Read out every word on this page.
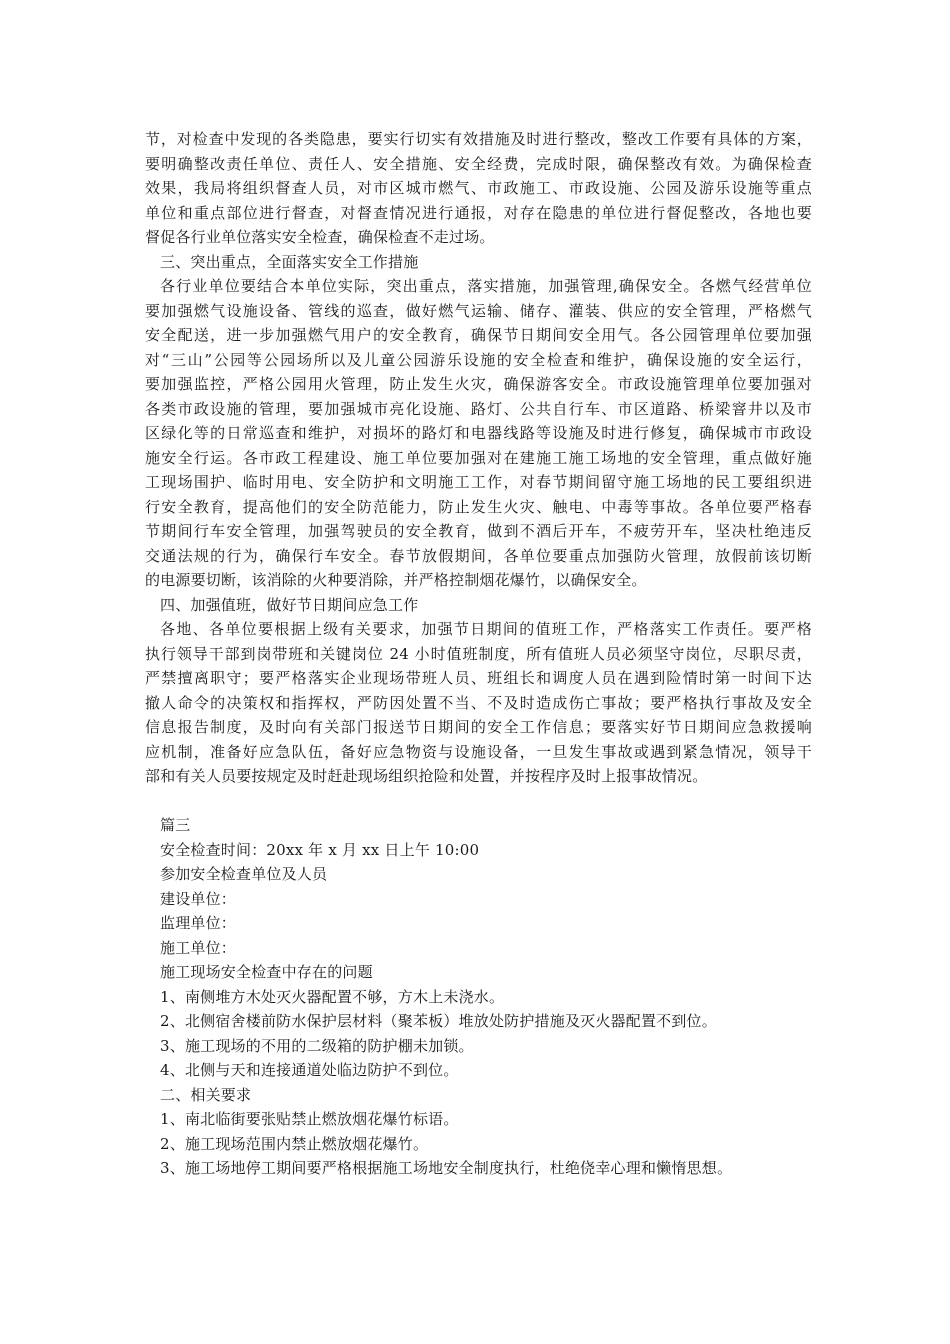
节，对检查中发现的各类隐患，要实行切实有效措施及时进行整改，整改工作要有具体的方案，
要明确整改责任单位、责任人、安全措施、安全经费，完成时限，确保整改有效。为确保检查
效果，我局将组织督查人员，对市区城市燃气、市政施工、市政设施、公园及游乐设施等重点
单位和重点部位进行督查，对督查情况进行通报，对存在隐患的单位进行督促整改，各地也要
督促各行业单位落实安全检查，确保检查不走过场。
三、突出重点，全面落实安全工作措施
各行业单位要结合本单位实际，突出重点，落实措施，加强管理,确保安全。各燃气经营单位
要加强燃气设施设备、管线的巡查，做好燃气运输、储存、灌装、供应的安全管理，严格燃气
安全配送，进一步加强燃气用户的安全教育，确保节日期间安全用气。各公园管理单位要加强
对“三山”公园等公园场所以及儿童公园游乐设施的安全检查和维护，确保设施的安全运行，
要加强监控，严格公园用火管理，防止发生火灾，确保游客安全。市政设施管理单位要加强对
各类市政设施的管理，要加强城市亮化设施、路灯、公共自行车、市区道路、桥梁窨井以及市
区绿化等的日常巡查和维护，对损坏的路灯和电器线路等设施及时进行修复，确保城市市政设
施安全行运。各市政工程建设、施工单位要加强对在建施工施工场地的安全管理，重点做好施
工现场围护、临时用电、安全防护和文明施工工作，对春节期间留守施工场地的民工要组织进
行安全教育，提高他们的安全防范能力，防止发生火灾、触电、中毒等事故。各单位要严格春
节期间行车安全管理，加强驾驶员的安全教育，做到不酒后开车，不疲劳开车，坚决杜绝违反
交通法规的行为，确保行车安全。春节放假期间，各单位要重点加强防火管理，放假前该切断
的电源要切断，该消除的火种要消除，并严格控制烟花爆竹，以确保安全。
四、加强值班，做好节日期间应急工作
各地、各单位要根据上级有关要求，加强节日期间的值班工作，严格落实工作责任。要严格
执行领导干部到岗带班和关键岗位 24 小时值班制度，所有值班人员必须坚守岗位，尽职尽责，
严禁擅离职守；要严格落实企业现场带班人员、班组长和调度人员在遇到险情时第一时间下达
撤人命令的决策权和指挥权，严防因处置不当、不及时造成伤亡事故；要严格执行事故及安全
信息报告制度，及时向有关部门报送节日期间的安全工作信息；要落实好节日期间应急救援响
应机制，准备好应急队伍，备好应急物资与设施设备，一旦发生事故或遇到紧急情况，领导干
部和有关人员要按规定及时赶赴现场组织抢险和处置，并按程序及时上报事故情况。
篇三
安全检查时间：20xx 年 x 月 xx 日上午 10:00
参加安全检查单位及人员
建设单位：
监理单位：
施工单位：
施工现场安全检查中存在的问题
1、南侧堆方木处灭火器配置不够，方木上未浇水。
2、北侧宿舍楼前防水保护层材料（聚苯板）堆放处防护措施及灭火器配置不到位。
3、施工现场的不用的二级箱的防护棚未加锁。
4、北侧与天和连接通道处临边防护不到位。
二、相关要求
1、南北临街要张贴禁止燃放烟花爆竹标语。
2、施工现场范围内禁止燃放烟花爆竹。
3、施工场地停工期间要严格根据施工场地安全制度执行，杜绝侥幸心理和懒惰思想。
